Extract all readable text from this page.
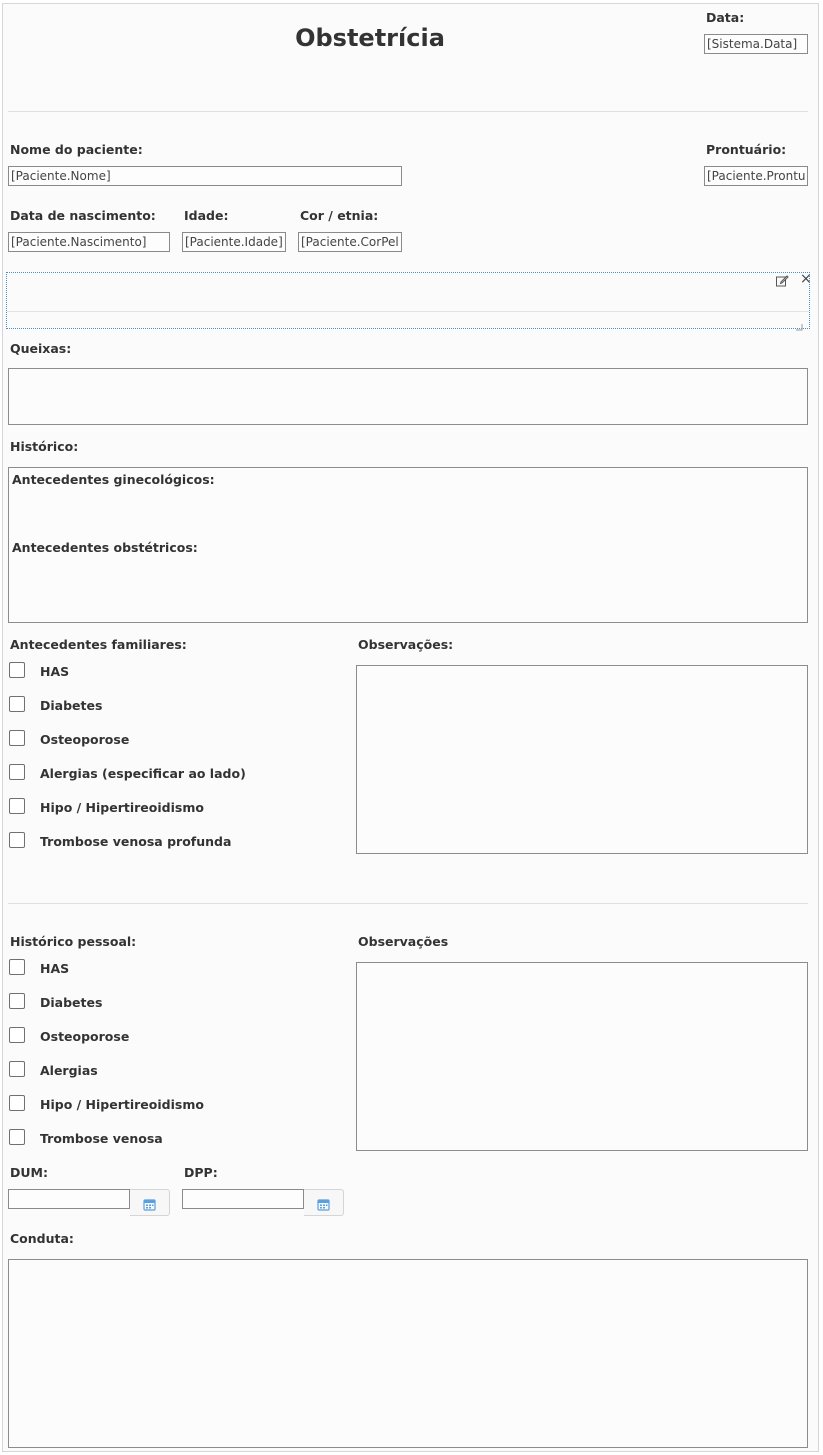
Obstetrícia
Data:
[Sistema.Data]
Nome do paciente:
[Paciente.Nome]
Prontuário:
[Paciente.Prontu
Data de nascimento:
[Paciente.Nascimento]
Idade:
[Paciente.Idade]
Cor / etnia:
[Paciente.CorPel
×
Queixas:
Histórico:
Antecedentes ginecológicos:
Antecedentes obstétricos:
Antecedentes familiares:	Observações:
HAS
Diabetes
Osteoporose
Alergias (especificar ao lado)
Hipo / Hipertireoidismo
Trombose venosa profunda
Histórico pessoal:	Observações
HAS
Diabetes
Osteoporose
Alergias
Hipo / Hipertireoidismo
Trombose venosa
DUM:	DPP:
Conduta:
